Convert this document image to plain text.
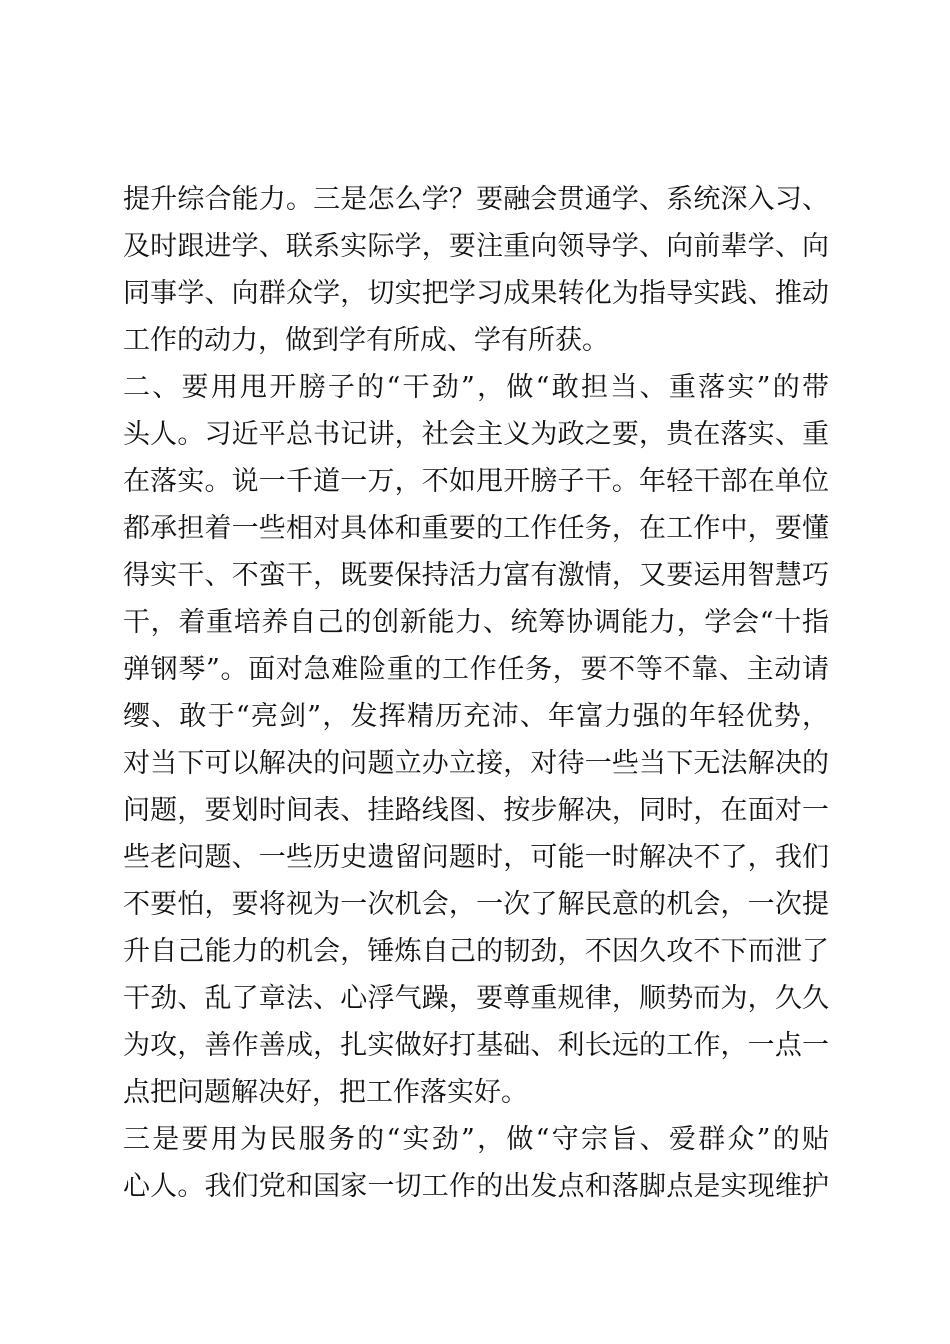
提升综合能力。三是怎么学？要融会贯通学、系统深入习、
及时跟进学、联系实际学，要注重向领导学、向前辈学、向
同事学、向群众学，切实把学习成果转化为指导实践、推动
工作的动力，做到学有所成、学有所获。
二、要用甩开膀子的“干劲”，做“敢担当、重落实”的带
头人。习近平总书记讲，社会主义为政之要，贵在落实、重
在落实。说一千道一万，不如甩开膀子干。年轻干部在单位
都承担着一些相对具体和重要的工作任务，在工作中，要懂
得实干、不蛮干，既要保持活力富有激情，又要运用智慧巧
干，着重培养自己的创新能力、统筹协调能力，学会“十指
弹钢琴”。面对急难险重的工作任务，要不等不靠、主动请
缨、敢于“亮剑”，发挥精历充沛、年富力强的年轻优势，
对当下可以解决的问题立办立接，对待一些当下无法解决的
问题，要划时间表、挂路线图、按步解决，同时，在面对一
些老问题、一些历史遗留问题时，可能一时解决不了，我们
不要怕，要将视为一次机会，一次了解民意的机会，一次提
升自己能力的机会，锤炼自己的韧劲，不因久攻不下而泄了
干劲、乱了章法、心浮气躁，要尊重规律，顺势而为，久久
为攻，善作善成，扎实做好打基础、利长远的工作，一点一
点把问题解决好，把工作落实好。
三是要用为民服务的“实劲”，做“守宗旨、爱群众”的贴
心人。我们党和国家一切工作的出发点和落脚点是实现维护
